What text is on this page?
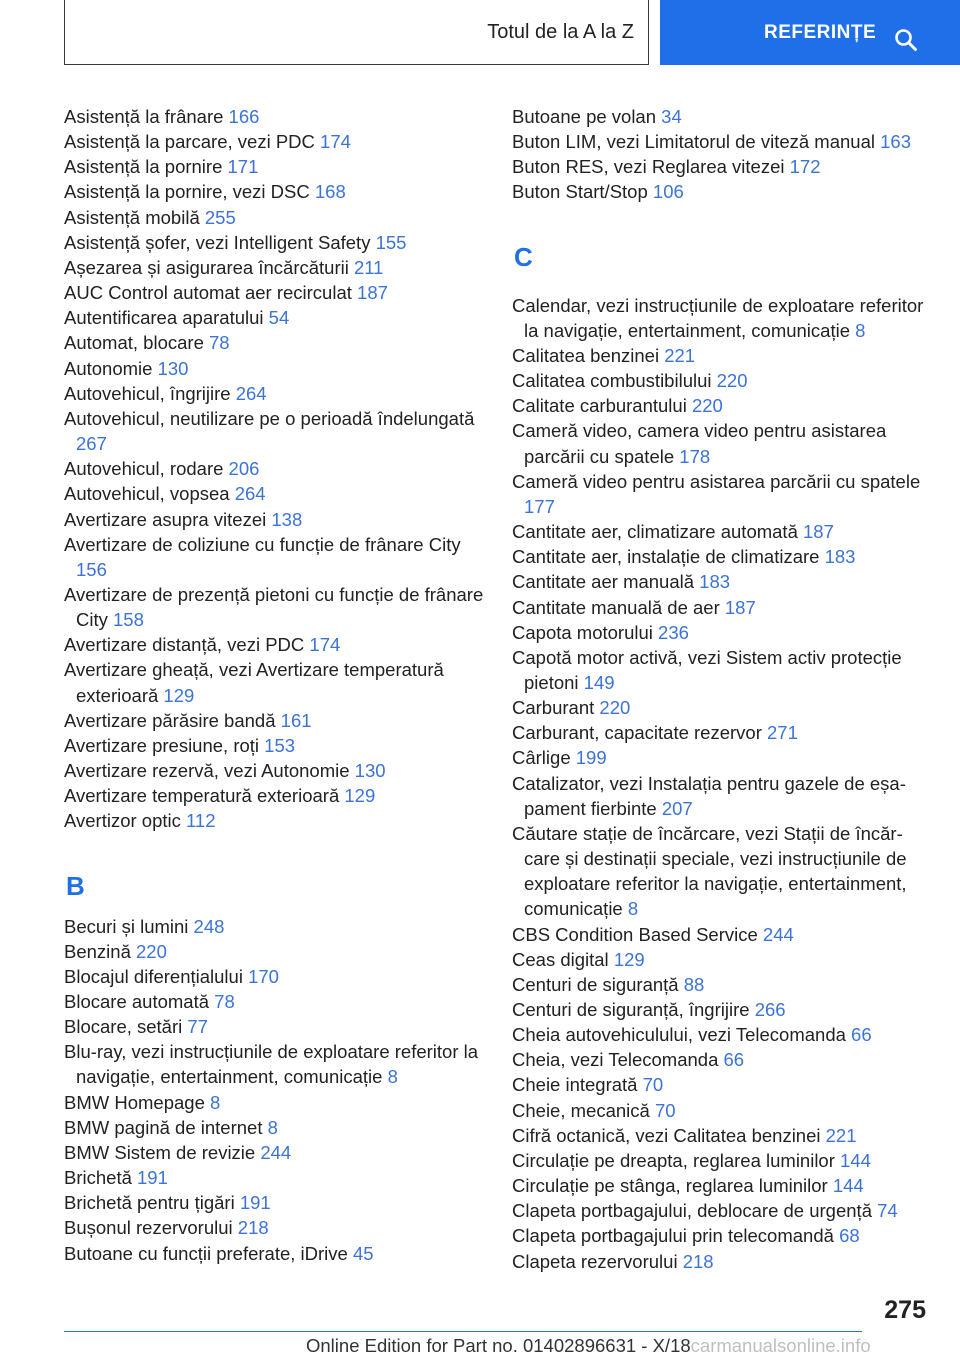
Totul de la A la Z	REFERINȚE
Asistență la frânare 166
Asistență la parcare, vezi PDC 174
Asistență la pornire 171
Asistență la pornire, vezi DSC 168
Asistență mobilă 255
Asistență șofer, vezi Intelligent Safety 155
Așezarea și asigurarea încărcăturii 211
AUC Control automat aer recirculat 187
Autentificarea aparatului 54
Automat, blocare 78
Autonomie 130
Autovehicul, îngrijire 264
Autovehicul, neutilizare pe o perioadă îndelungată 267
Autovehicul, rodare 206
Autovehicul, vopsea 264
Avertizare asupra vitezei 138
Avertizare de coliziune cu funcție de frânare City 156
Avertizare de prezență pietoni cu funcție de frânare City 158
Avertizare distanță, vezi PDC 174
Avertizare gheață, vezi Avertizare temperatură exterioară 129
Avertizare părăsire bandă 161
Avertizare presiune, roți 153
Avertizare rezervă, vezi Autonomie 130
Avertizare temperatură exterioară 129
Avertizor optic 112
B
Becuri și lumini 248
Benzină 220
Blocajul diferențialului 170
Blocare automată 78
Blocare, setări 77
Blu-ray, vezi instrucțiunile de exploatare referitor la navigație, entertainment, comunicație 8
BMW Homepage 8
BMW pagină de internet 8
BMW Sistem de revizie 244
Brichetă 191
Brichetă pentru țigări 191
Bușonul rezervorului 218
Butoane cu funcții preferate, iDrive 45
Butoane pe volan 34
Buton LIM, vezi Limitatorul de viteză manual 163
Buton RES, vezi Reglarea vitezei 172
Buton Start/Stop 106
C
Calendar, vezi instrucțiunile de exploatare referitor la navigație, entertainment, comunicație 8
Calitatea benzinei 221
Calitatea combustibilului 220
Calitate carburantului 220
Cameră video, camera video pentru asistarea parcării cu spatele 178
Cameră video pentru asistarea parcării cu spatele 177
Cantitate aer, climatizare automată 187
Cantitate aer, instalație de climatizare 183
Cantitate aer manuală 183
Cantitate manuală de aer 187
Capota motorului 236
Capotă motor activă, vezi Sistem activ protecție pietoni 149
Carburant 220
Carburant, capacitate rezervor 271
Cârlige 199
Catalizator, vezi Instalația pentru gazele de eșapament fierbinte 207
Căutare stație de încărcare, vezi Stații de încărcare și destinații speciale, vezi instrucțiunile de exploatare referitor la navigație, entertainment, comunicație 8
CBS Condition Based Service 244
Ceas digital 129
Centuri de siguranță 88
Centuri de siguranță, îngrijire 266
Cheia autovehiculului, vezi Telecomanda 66
Cheia, vezi Telecomanda 66
Cheie integrată 70
Cheie, mecanică 70
Cifră octanică, vezi Calitatea benzinei 221
Circulație pe dreapta, reglarea luminilor 144
Circulație pe stânga, reglarea luminilor 144
Clapeta portbagajului, deblocare de urgență 74
Clapeta portbagajului prin telecomandă 68
Clapeta rezervorului 218
275
Online Edition for Part no. 01402896631 - X/18carmanualsonline.info
